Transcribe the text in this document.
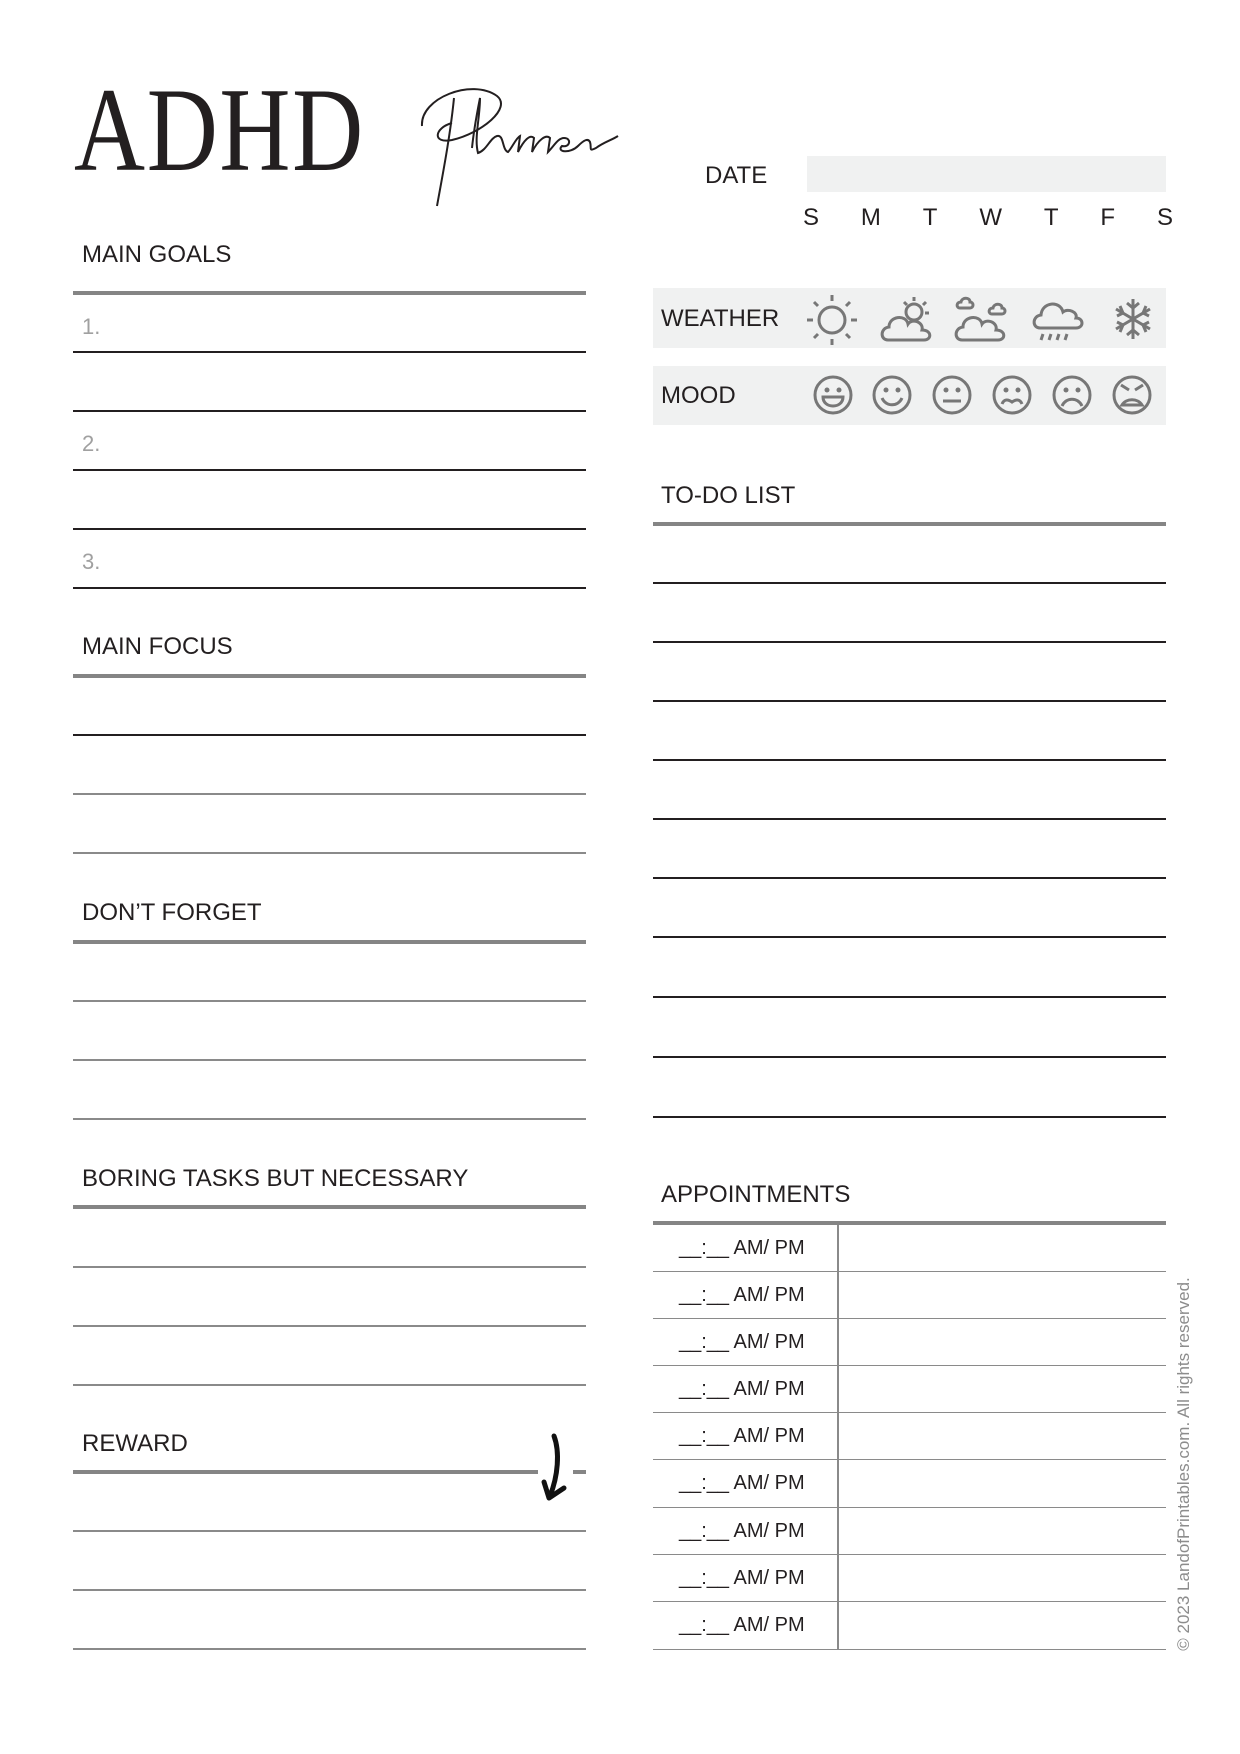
ADHD	DATE
S M T W T F S
WEATHER
MOOD
MAIN GOALS
1.
2.
3.
MAIN FOCUS
DON’T FORGET
BORING TASKS BUT NECESSARY
REWARD
TO-DO LIST
APPOINTMENTS
__:__ AM/ PM
__:__ AM/ PM
__:__ AM/ PM
__:__ AM/ PM
__:__ AM/ PM
__:__ AM/ PM
__:__ AM/ PM
__:__ AM/ PM
__:__ AM/ PM	© 2023 LandofPrintables.com. All rights reserved.
